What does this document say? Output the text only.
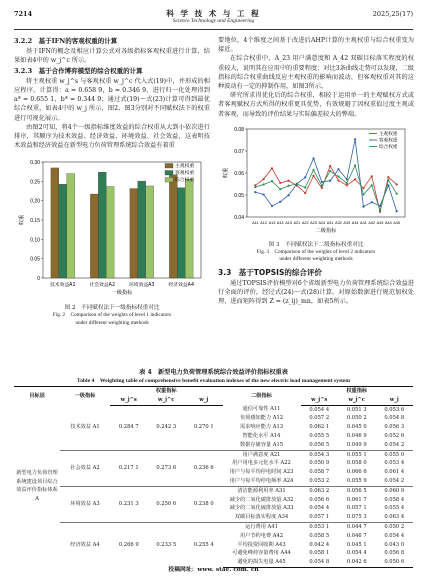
7214	科 学 技 术 与 工 程
Science Technology and Engineering
2025,25(17)
3.2.2　基于IFN的客观权重的计算

基于IFN的概念及相应计算公式对各级指标客观权重进行计算，结果如表4中的 w_j^c 所示。

3.2.3　基于合作博弈模型的综合权重的计算

将主观权重 w_j^s 与客观权重 w_j^c 代入式(19)中，并形成的相应程序，计算得：a = 0.658 9，b = 0.346 9，进行归一化处理得到 a* = 0.655 1，b* = 0.344 9；通过式(19)～式(23)计算可得到最优综合权重，如表4中的 w_j 所示，图2、图3分别对不同赋权法下的权重进行可视化展示。

由图2可知，将4个一级指标维度效益的综合权重从大到小依次进行排序，其顺序为技术效益、经济效益、环境效益、社会效益，这表明技术效益和经济效益在新型电力负荷管理系统综合效益有着重

0
0.05
0.10
0.15
0.20
0.25
0.30
技术效益A1	社会效益A2	环境效益A3	经济效益A4
一级指标
权重
主观权重
客观权重
综合权重
图 2　不同赋权法下一级指标权重对比
Fig. 2　Comparison of the weights of level 1 indicators
under different weighting methods

要地位，4个维度之间基于改进后AHP计算的主观权重与综合权重变为接近。

在综合权重中，A_23 用户满意度和 A_42 双碳目标落实程度的权重较大，说明其在应用中的重要程度；对比3条曲线走势可以发现，二级指标的综合权重曲线反应主观权重的影响而波动，但客观权重对其的这种波动有一定的抑制作用，如图3所示。

研究所求得优化后的综合权重，相较于运用单一的主观赋权方式或者客观赋权方式所得的权重更具优势，有效规避了因权重值过度主观或者客观，而导致的评价结果与实际偏差较大的弊端。

0.04
0.05
0.06
0.07
0.08
A11 A12 A13 A14 A15 A21 A22 A23 A24 A31 A32 A33 A34 A41 A42 A43 A44 A45
二级指标
权重
主观权重
客观权重
综合权重
图 3　不同赋权法下二级指标权重对比
Fig. 3　Comparison of the weights of level 2 indicators
under different weighting methods
3.3　基于TOPSIS的综合评价

通过TOPSIS评价模型对6个省级新型电力负荷管理系统综合效益进行全面的评价，经过式(24)～式(28)计算，对原始数据进行规范加权处理，进而矩阵得到 Z = (z_ij)_mn，如表5所示。

表 4　新型电力负荷管理系统综合效益评价指标权重表
Table 4　Weighting table of comprehensive benefit evaluation indexes of the new electric load management system
目标层	一级指标	权重指标			二级指标	权重指标		
		w_j^s	w_j^c	w_j		w_j^s	w_j^c	w_j
新型电力负荷管理系统建设项目综合效益评价指标体系 A	技术效益 A1	0.284 7	0.242 3	0.270 1	通信可靠性 A11	0.054 4	0.051 3	0.053 6
					负荷感知能力 A12	0.057 2	0.050 2	0.054 8
					需求响应能力 A13	0.062 1	0.045 0	0.056 3
					智能化水平 A14	0.055 5	0.046 9	0.052 6
					数据存储容量 A15	0.056 5	0.049 9	0.054 2
	社会效益 A2	0.217 1	0.273 6	0.236 6	用户满意度 A21	0.054 3	0.055 1	0.055 0
					用户用电多元化水平 A22	0.050 9	0.058 0	0.053 4
					用户与每平均停电时间 A23	0.058 7	0.066 6	0.061 4
					用户与每平均停电频率 A24	0.053 2	0.055 9	0.054 2
	环境效益 A3	0.231 3	0.250 6	0.238 0	清洁能源利用率 A31	0.063 2	0.056 5	0.060 9
					减少的二氧化碳排放量 A32	0.056 6	0.061 7	0.058 4
					减少的二氧化硫排放量 A33	0.054 4	0.057 1	0.055 4
					双碳目标落实程度 A34	0.057 1	0.075 3	0.063 4
	经济效益 A4	0.266 9	0.233 5	0.255 4	运行费用 A41	0.053 1	0.044 7	0.050 2
					用户节约电费 A42	0.058 5	0.046 7	0.054 4
					平均投资回收期 A43	0.042 4	0.045 1	0.043 0
					可避免峰荷容量费用 A44	0.058 1	0.054 4	0.056 8
					避免的损失电量 A45	0.054 8	0.042 6	0.050 6
投稿网址：www. stae. com. cn
